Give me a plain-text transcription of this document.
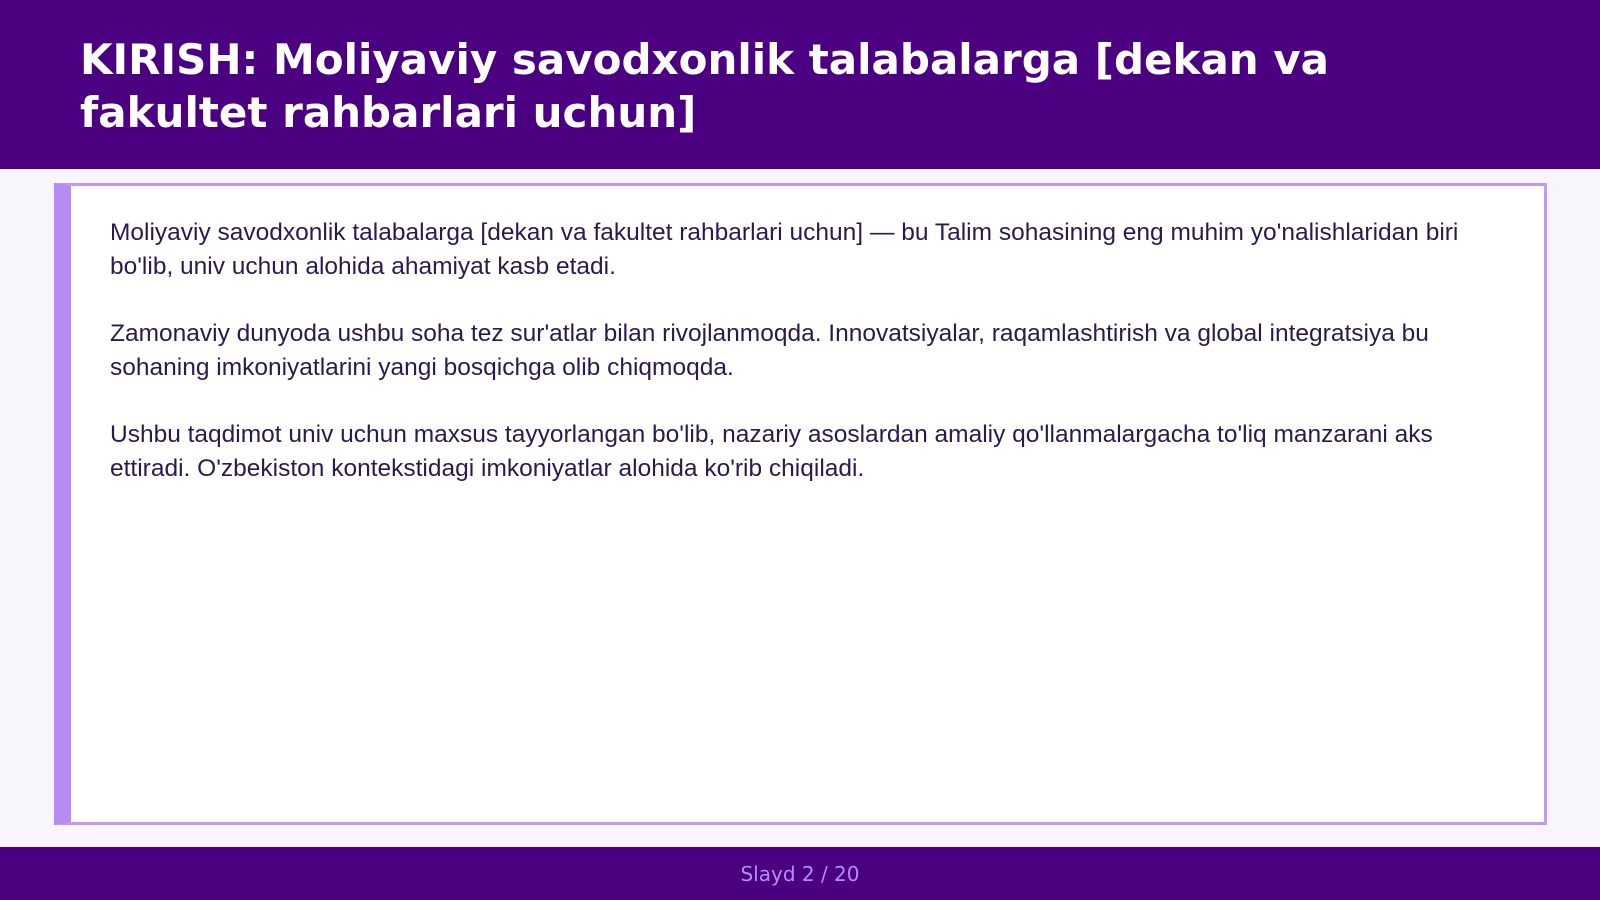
KIRISH: Moliyaviy savodxonlik talabalarga [dekan va fakultet rahbarlari uchun]

Moliyaviy savodxonlik talabalarga [dekan va fakultet rahbarlari uchun] — bu Talim sohasining eng muhim yo'nalishlaridan biri bo'lib, univ uchun alohida ahamiyat kasb etadi.

Zamonaviy dunyoda ushbu soha tez sur'atlar bilan rivojlanmoqda. Innovatsiyalar, raqamlashtirish va global integratsiya bu sohaning imkoniyatlarini yangi bosqichga olib chiqmoqda.

Ushbu taqdimot univ uchun maxsus tayyorlangan bo'lib, nazariy asoslardan amaliy qo'llanmalargacha to'liq manzarani aks ettiradi. O'zbekiston kontekstidagi imkoniyatlar alohida ko'rib chiqiladi.

Slayd 2 / 20
